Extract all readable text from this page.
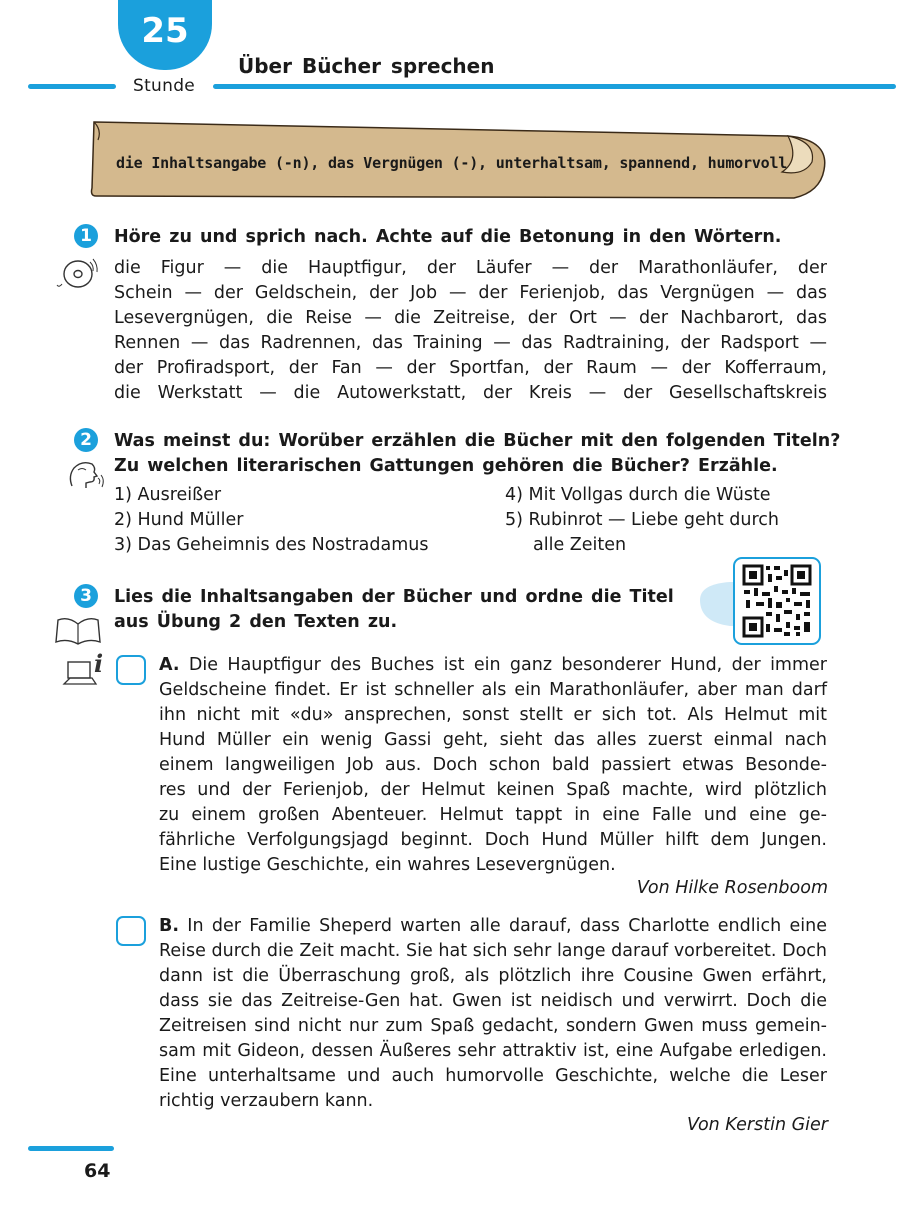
25
Stunde
Über Bücher sprechen
die Inhaltsangabe (-n), das Vergnügen (-), unterhaltsam, spannend, humorvoll
1	Höre zu und sprich nach. Achte auf die Betonung in den Wörtern.
die Figur — die Hauptfigur, der Läufer — der Marathonläufer, der
Schein — der Geldschein, der Job — der Ferienjob, das Vergnügen — das
Lesevergnügen, die Reise — die Zeitreise, der Ort — der Nachbarort, das
Rennen — das Radrennen, das Training — das Radtraining, der Radsport —
der Profiradsport, der Fan — der Sportfan, der Raum — der Kofferraum,
die Werkstatt — die Autowerkstatt, der Kreis — der Gesellschaftskreis
2	Was meinst du: Worüber erzählen die Bücher mit den folgenden Titeln?
Zu welchen literarischen Gattungen gehören die Bücher? Erzähle.
1) Ausreißer
2) Hund Müller
3) Das Geheimnis des Nostradamus
4) Mit Vollgas durch die Wüste
5) Rubinrot — Liebe geht durch
alle Zeiten
3
i
Lies die Inhaltsangaben der Bücher und ordne die Titel
aus Übung 2 den Texten zu.
A. Die Hauptfigur des Buches ist ein ganz besonderer Hund, der immer
Geldscheine findet. Er ist schneller als ein Marathonläufer, aber man darf
ihn nicht mit «du» ansprechen, sonst stellt er sich tot. Als Helmut mit
Hund Müller ein wenig Gassi geht, sieht das alles zuerst einmal nach
einem langweiligen Job aus. Doch schon bald passiert etwas Besonde-
res und der Ferienjob, der Helmut keinen Spaß machte, wird plötzlich
zu einem großen Abenteuer. Helmut tappt in eine Falle und eine ge-
fährliche Verfolgungsjagd beginnt. Doch Hund Müller hilft dem Jungen.
Eine lustige Geschichte, ein wahres Lesevergnügen.
Von Hilke Rosenboom
B. In der Familie Sheperd warten alle darauf, dass Charlotte endlich eine
Reise durch die Zeit macht. Sie hat sich sehr lange darauf vorbereitet. Doch
dann ist die Überraschung groß, als plötzlich ihre Cousine Gwen erfährt,
dass sie das Zeitreise-Gen hat. Gwen ist neidisch und verwirrt. Doch die
Zeitreisen sind nicht nur zum Spaß gedacht, sondern Gwen muss gemein-
sam mit Gideon, dessen Äußeres sehr attraktiv ist, eine Aufgabe erledigen.
Eine unterhaltsame und auch humorvolle Geschichte, welche die Leser
richtig verzaubern kann.
Von Kerstin Gier
64
